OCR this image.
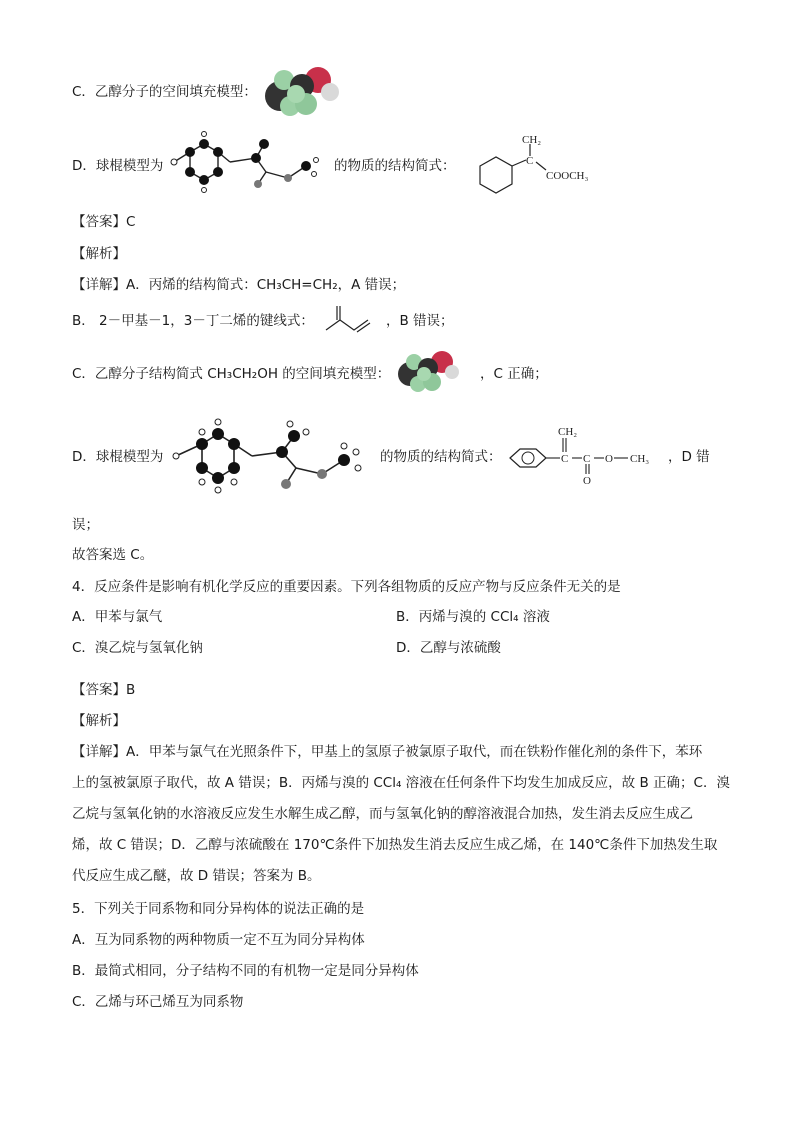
C．乙醇分子的空间填充模型：
D．球棍模型为	的物质的结构简式：
CH₂
C
COOCH₃
【答案】C
【解析】
【详解】A．丙烯的结构简式：CH₃CH=CH₂，A 错误；
B． 2－甲基－1，3－丁二烯的键线式：	，B 错误；
C．乙醇分子结构简式 CH₃CH₂OH 的空间填充模型：	，C 正确；
D．球棍模型为	的物质的结构简式：
CH₂
C C
O
O CH₃ ，D 错
误；
故答案选 C。
4．反应条件是影响有机化学反应的重要因素。下列各组物质的反应产物与反应条件无关的是
A．甲苯与氯气	B．丙烯与溴的 CCl₄ 溶液
C．溴乙烷与氢氧化钠	D．乙醇与浓硫酸
【答案】B
【解析】
【详解】A．甲苯与氯气在光照条件下，甲基上的氢原子被氯原子取代，而在铁粉作催化剂的条件下，苯环
上的氢被氯原子取代，故 A 错误；B．丙烯与溴的 CCl₄ 溶液在任何条件下均发生加成反应，故 B 正确；C．溴
乙烷与氢氧化钠的水溶液反应发生水解生成乙醇，而与氢氧化钠的醇溶液混合加热，发生消去反应生成乙
烯，故 C 错误；D．乙醇与浓硫酸在 170℃条件下加热发生消去反应生成乙烯，在 140℃条件下加热发生取
代反应生成乙醚，故 D 错误；答案为 B。
5．下列关于同系物和同分异构体的说法正确的是
A．互为同系物的两种物质一定不互为同分异构体
B．最简式相同，分子结构不同的有机物一定是同分异构体
C．乙烯与环己烯互为同系物
